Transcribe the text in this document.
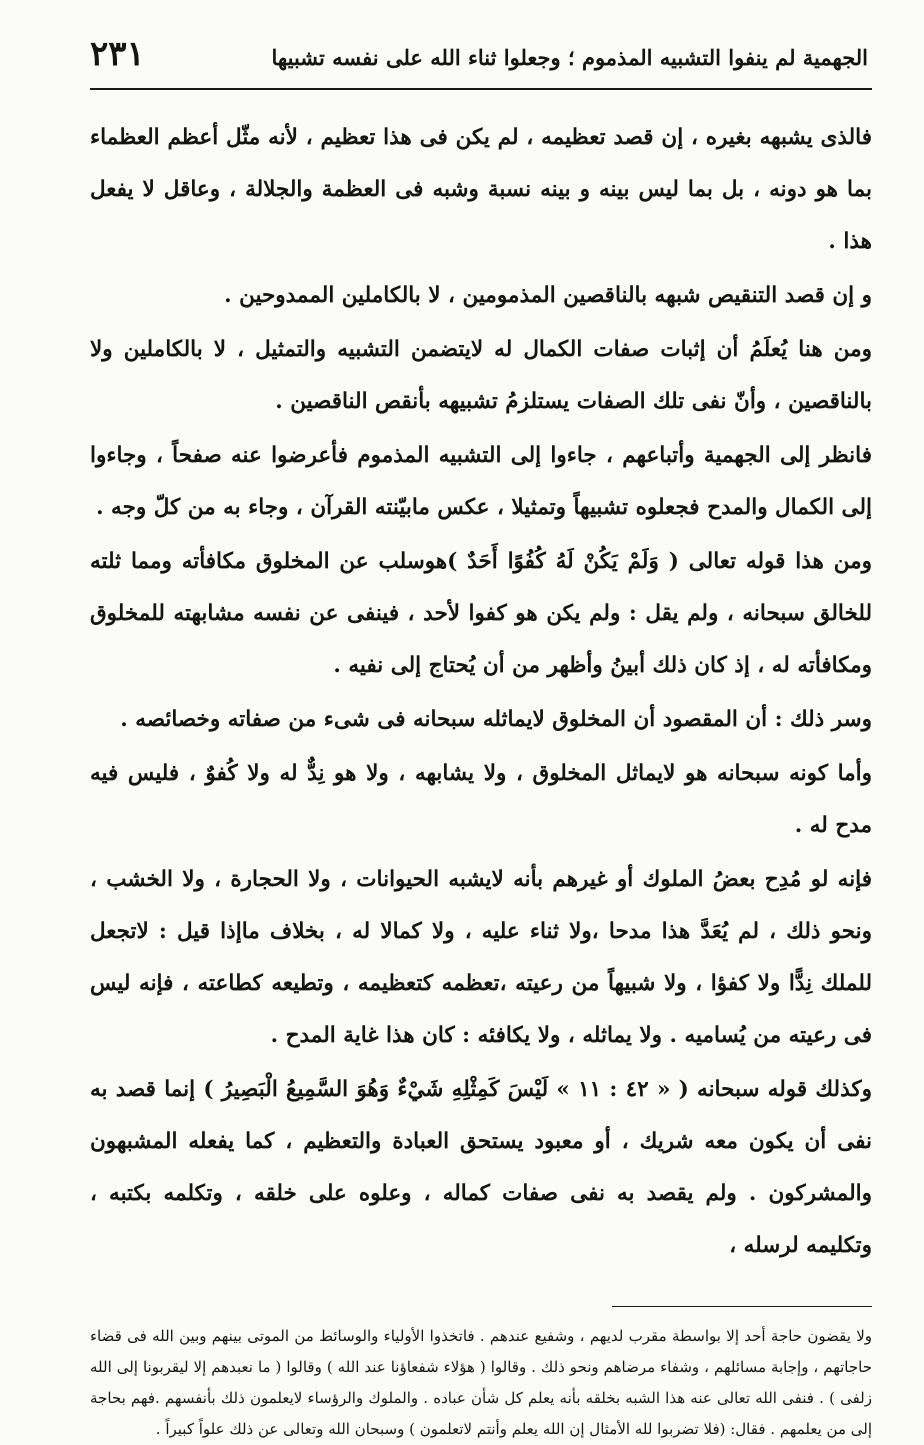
الجهمية لم ينفوا التشبيه المذموم ؛ وجعلوا ثناء الله على نفسه تشبيها
٢٣١

فالذى يشبهه بغيره ، إن قصد تعظيمه ، لم يكن فى هذا تعظيم ، لأنه مثّل أعظم العظماء بما هو دونه ، بل بما ليس بينه و بينه نسبة وشبه فى العظمة والجلالة ، وعاقل لا يفعل هذا .

و إن قصد التنقيص شبهه بالناقصين المذمومين ، لا بالكاملين الممدوحين .

ومن هنا يُعلَمُ أن إثبات صفات الكمال له لايتضمن التشبيه والتمثيل ، لا بالكاملين ولا بالناقصين ، وأنّ نفى تلك الصفات يستلزمُ تشبيهه بأنقص الناقصين .

فانظر إلى الجهمية وأتباعهم ، جاءوا إلى التشبيه المذموم فأعرضوا عنه صفحاً ، وجاءوا إلى الكمال والمدح فجعلوه تشبيهاً وتمثيلا ، عكس مابيّنته القرآن ، وجاء به من كلّ وجه .

ومن هذا قوله تعالى ( وَلَمْ يَكُنْ لَهُ كُفُوًا أَحَدٌ )هوسلب عن المخلوق مكافأته ومما ثلته للخالق سبحانه ، ولم يقل : ولم يكن هو كفوا لأحد ، فينفى عن نفسه مشابهته للمخلوق ومكافأته له ، إذ كان ذلك أبينُ وأظهر من أن يُحتاج إلى نفيه .

وسر ذلك : أن المقصود أن المخلوق لايماثله سبحانه فى شىء من صفاته وخصائصه .

وأما كونه سبحانه هو لايماثل المخلوق ، ولا يشابهه ، ولا هو نِدٌّ له ولا كُفوٌ ، فليس فيه مدح له .

فإنه لو مُدِح بعضُ الملوك أو غيرهم بأنه لايشبه الحيوانات ، ولا الحجارة ، ولا الخشب ، ونحو ذلك ، لم يُعَدَّ هذا مدحا ،ولا ثناء عليه ، ولا كمالا له ، بخلاف ماإذا قيل : لاتجعل للملك نِدًّا ولا كفؤا ، ولا شبيهاً من رعيته ،تعظمه كتعظيمه ، وتطيعه كطاعته ، فإنه ليس فى رعيته من يُساميه . ولا يماثله ، ولا يكافئه : كان هذا غاية المدح .

وكذلك قوله سبحانه ( « ٤٢ : ١١ » لَيْسَ كَمِثْلِهِ شَيْءٌ وَهُوَ السَّمِيعُ الْبَصِيرُ ) إنما قصد به نفى أن يكون معه شريك ، أو معبود يستحق العبادة والتعظيم ، كما يفعله المشبهون والمشركون . ولم يقصد به نفى صفات كماله ، وعلوه على خلقه ، وتكلمه بكتبه ، وتكليمه لرسله ،

ولا يقضون حاجة أحد إلا بواسطة مقرب لديهم ، وشفيع عندهم . فاتخذوا الأولياء والوسائط من الموتى بينهم وبين الله فى قضاء حاجاتهم ، وإجابة مسائلهم ، وشفاء مرضاهم ونحو ذلك . وقالوا ( هؤلاء شفعاؤنا عند الله ) وقالوا ( ما نعبدهم إلا ليقربونا إلى الله زلفى ) . فنفى الله تعالى عنه هذا الشبه بخلقه بأنه يعلم كل شأن عباده . والملوك والرؤساء لايعلمون ذلك بأنفسهم .فهم بحاجة إلى من يعلمهم . فقال: (فلا تضربوا لله الأمثال إن الله يعلم وأنتم لاتعلمون ) وسبحان الله وتعالى عن ذلك علواً كبيراً .
